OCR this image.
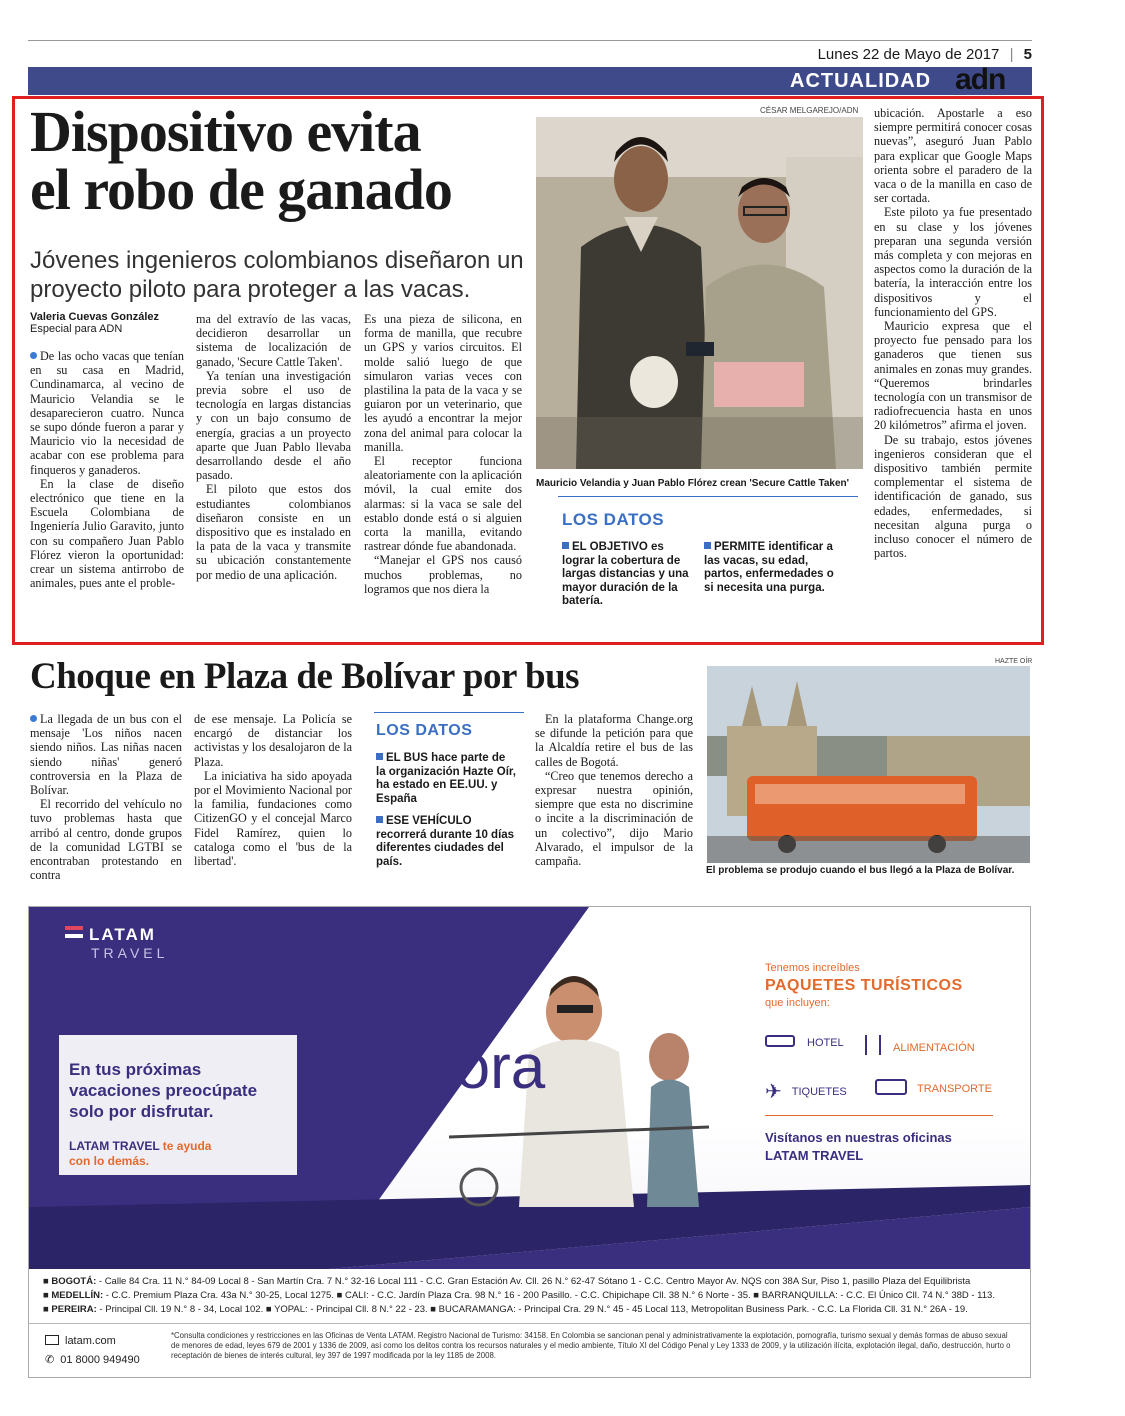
Lunes 22 de Mayo de 2017 | 5
ACTUALIDAD adn
Dispositivo evita
el robo de ganado
Jóvenes ingenieros colombianos diseñaron un proyecto piloto para proteger a las vacas.
Valeria Cuevas González
Especial para ADN

De las ocho vacas que tenían en su casa en Madrid, Cundinamarca, al vecino de Mauricio Velandia se le desaparecieron cuatro. Nunca se supo dónde fueron a parar y Mauricio vio la necesidad de acabar con ese problema para finqueros y ganaderos.

En la clase de diseño electrónico que tiene en la Escuela Colombiana de Ingeniería Julio Garavito, junto con su compañero Juan Pablo Flórez vieron la oportunidad: crear un sistema antirrobo de animales, pues ante el proble-

ma del extravío de las vacas, decidieron desarrollar un sistema de localización de ganado, 'Secure Cattle Taken'.

Ya tenían una investigación previa sobre el uso de tecnología en largas distancias y con un bajo consumo de energía, gracias a un proyecto aparte que Juan Pablo llevaba desarrollando desde el año pasado.

El piloto que estos dos estudiantes colombianos diseñaron consiste en un dispositivo que es instalado en la pata de la vaca y transmite su ubicación constantemente por medio de una aplicación.

Es una pieza de silicona, en forma de manilla, que recubre un GPS y varios circuitos. El molde salió luego de que simularon varias veces con plastilina la pata de la vaca y se guiaron por un veterinario, que les ayudó a encontrar la mejor zona del animal para colocar la manilla.

El receptor funciona aleatoriamente con la aplicación móvil, la cual emite dos alarmas: si la vaca se sale del establo donde está o si alguien corta la manilla, evitando rastrear dónde fue abandonada.

“Manejar el GPS nos causó muchos problemas, no logramos que nos diera la

ubicación. Apostarle a eso siempre permitirá conocer cosas nuevas”, aseguró Juan Pablo para explicar que Google Maps orienta sobre el paradero de la vaca o de la manilla en caso de ser cortada.

Este piloto ya fue presentado en su clase y los jóvenes preparan una segunda versión más completa y con mejoras en aspectos como la duración de la batería, la interacción entre los dispositivos y el funcionamiento del GPS.

Mauricio expresa que el proyecto fue pensado para los ganaderos que tienen sus animales en zonas muy grandes. “Queremos brindarles tecnología con un transmisor de radiofrecuencia hasta en unos 20 kilómetros” afirma el joven.

De su trabajo, estos jóvenes ingenieros consideran que el dispositivo también permite complementar el sistema de identificación de ganado, sus edades, enfermedades, si necesitan alguna purga o incluso conocer el número de partos.

CÉSAR MELGAREJO/ADN
Mauricio Velandia y Juan Pablo Flórez crean 'Secure Cattle Taken'
LOS DATOS
EL OBJETIVO es lograr la cobertura de largas distancias y una mayor duración de la batería.
PERMITE identificar a las vacas, su edad, partos, enfermedades o si necesita una purga.
Choque en Plaza de Bolívar por bus

La llegada de un bus con el mensaje 'Los niños nacen siendo niños. Las niñas nacen siendo niñas' generó controversia en la Plaza de Bolívar.

El recorrido del vehículo no tuvo problemas hasta que arribó al centro, donde grupos de la comunidad LGTBI se encontraban protestando en contra

de ese mensaje. La Policía se encargó de distanciar los activistas y los desalojaron de la Plaza.

La iniciativa ha sido apoyada por el Movimiento Nacional por la familia, fundaciones como CitizenGO y el concejal Marco Fidel Ramírez, quien lo cataloga como el 'bus de la libertad'.

LOS DATOS
EL BUS hace parte de la organización Hazte Oír, ha estado en EE.UU. y España
ESE VEHÍCULO recorrerá durante 10 días diferentes ciudades del país.

En la plataforma Change.org se difunde la petición para que la Alcaldía retire el bus de las calles de Bogotá.

“Creo que tenemos derecho a expresar nuestra opinión, siempre que esta no discrimine o incite a la discriminación de un colectivo”, dijo Mario Alvarado, el impulsor de la campaña.

HAZTE OÍR
El problema se produjo cuando el bus llegó a la Plaza de Bolívar.
LATAM
TRAVEL
Explora
En tus próximas
vacaciones preocúpate
solo por disfrutar.
LATAM TRAVEL te ayuda
con lo demás.
Tenemos increíbles
PAQUETES TURÍSTICOS
que incluyen:
HOTEL	ALIMENTACIÓN
✈ TIQUETES	TRANSPORTE
Visítanos en nuestras oficinas
LATAM TRAVEL
■ BOGOTÁ: - Calle 84 Cra. 11 N.° 84-09 Local 8 - San Martín Cra. 7 N.° 32-16 Local 111 - C.C. Gran Estación Av. Cll. 26 N.° 62-47 Sótano 1 - C.C. Centro Mayor Av. NQS con 38A Sur, Piso 1, pasillo Plaza del Equilibrista
■ MEDELLÍN: - C.C. Premium Plaza Cra. 43a N.° 30-25, Local 1275. ■ CALI: - C.C. Jardín Plaza Cra. 98 N.° 16 - 200 Pasillo. - C.C. Chipichape Cll. 38 N.° 6 Norte - 35. ■ BARRANQUILLA: - C.C. El Único Cll. 74 N.° 38D - 113.
■ PEREIRA: - Principal Cll. 19 N.° 8 - 34, Local 102. ■ YOPAL: - Principal Cll. 8 N.° 22 - 23. ■ BUCARAMANGA: - Principal Cra. 29 N.° 45 - 45 Local 113, Metropolitan Business Park. - C.C. La Florida Cll. 31 N.° 26A - 19.
latam.com
✆ 01 8000 949490
*Consulta condiciones y restricciones en las Oficinas de Venta LATAM. Registro Nacional de Turismo: 34158. En Colombia se sancionan penal y administrativamente la explotación, pornografía, turismo sexual y demás formas de abuso sexual de menores de edad, leyes 679 de 2001 y 1336 de 2009, así como los delitos contra los recursos naturales y el medio ambiente, Título XI del Código Penal y Ley 1333 de 2009, y la utilización ilícita, explotación ilegal, daño, destrucción, hurto o receptación de bienes de interés cultural, ley 397 de 1997 modificada por la ley 1185 de 2008.
